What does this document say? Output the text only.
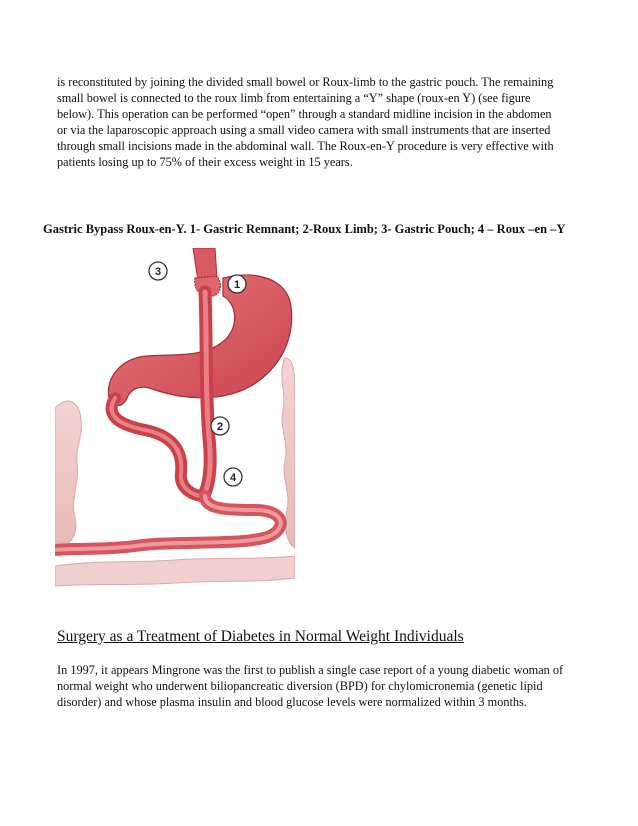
is reconstituted by joining the divided small bowel or Roux-limb to the gastric pouch. The remaining small bowel is connected to the roux limb from entertaining a “Y” shape (roux-en Y) (see figure below). This operation can be performed “open” through a standard midline incision in the abdomen or via the laparoscopic approach using a small video camera with small instruments that are inserted through small incisions made in the abdominal wall. The Roux-en-Y procedure is very effective with patients losing up to 75% of their excess weight in 15 years.

Gastric Bypass Roux-en-Y. 1- Gastric Remnant; 2-Roux Limb; 3- Gastric Pouch; 4 – Roux –en –Y

3
1
2
4
Surgery as a Treatment of Diabetes in Normal Weight Individuals

In 1997, it appears Mingrone was the first to publish a single case report of a young diabetic woman of normal weight who underwent biliopancreatic diversion (BPD) for chylomicronemia (genetic lipid disorder) and whose plasma insulin and blood glucose levels were normalized within 3 months.
